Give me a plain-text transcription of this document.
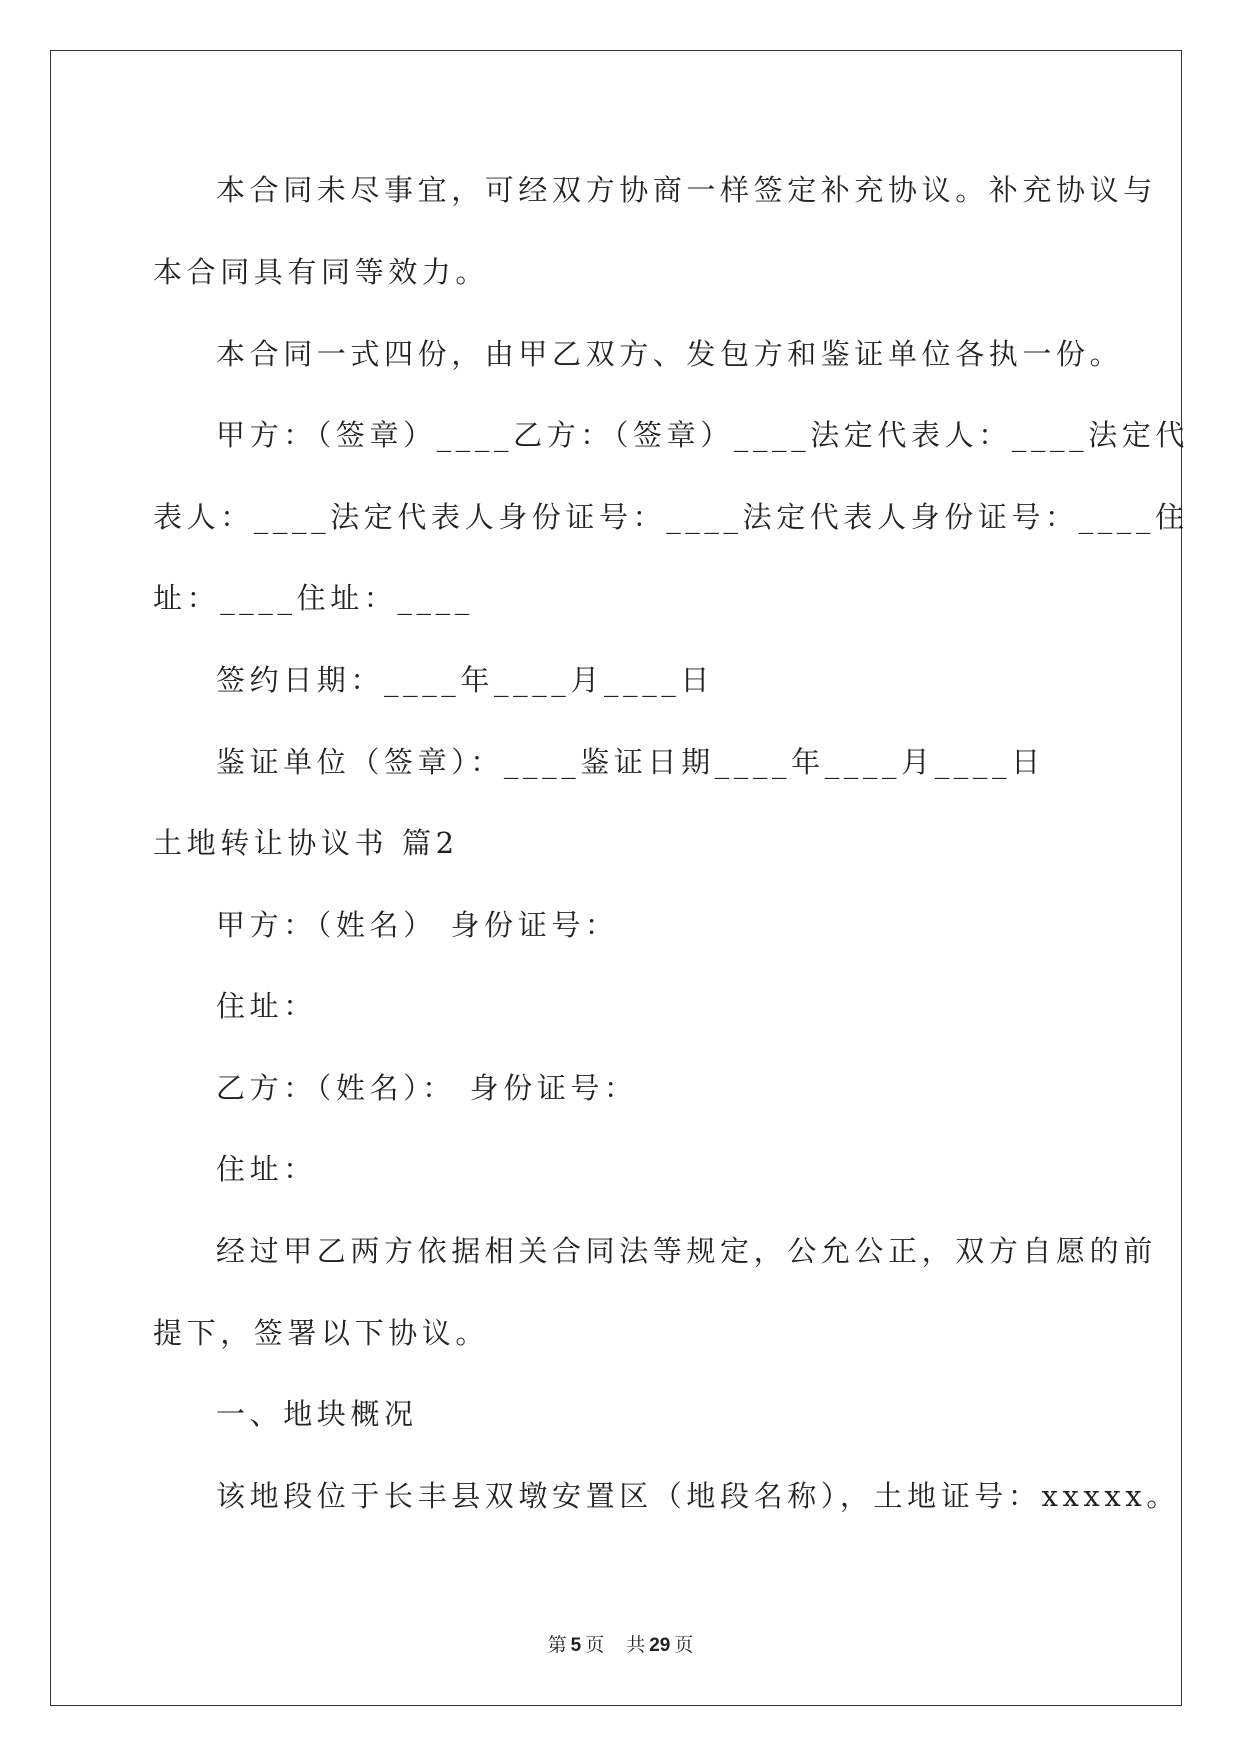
本合同未尽事宜，可经双方协商一样签定补充协议。补充协议与

本合同具有同等效力。

本合同一式四份，由甲乙双方、发包方和鉴证单位各执一份。

甲方：（签章）____乙方：（签章）____法定代表人：____法定代

表人：____法定代表人身份证号：____法定代表人身份证号：____住

址：____住址：____

签约日期：____年____月____日

鉴证单位（签章）：____鉴证日期____年____月____日

土地转让协议书 篇2

甲方：（姓名） 身份证号：

住址：

乙方：（姓名）： 身份证号：

住址：

经过甲乙两方依据相关合同法等规定，公允公正，双方自愿的前

提下，签署以下协议。

一、地块概况

该地段位于长丰县双墩安置区（地段名称），土地证号：xxxxx。

第 5 页 共 29 页
